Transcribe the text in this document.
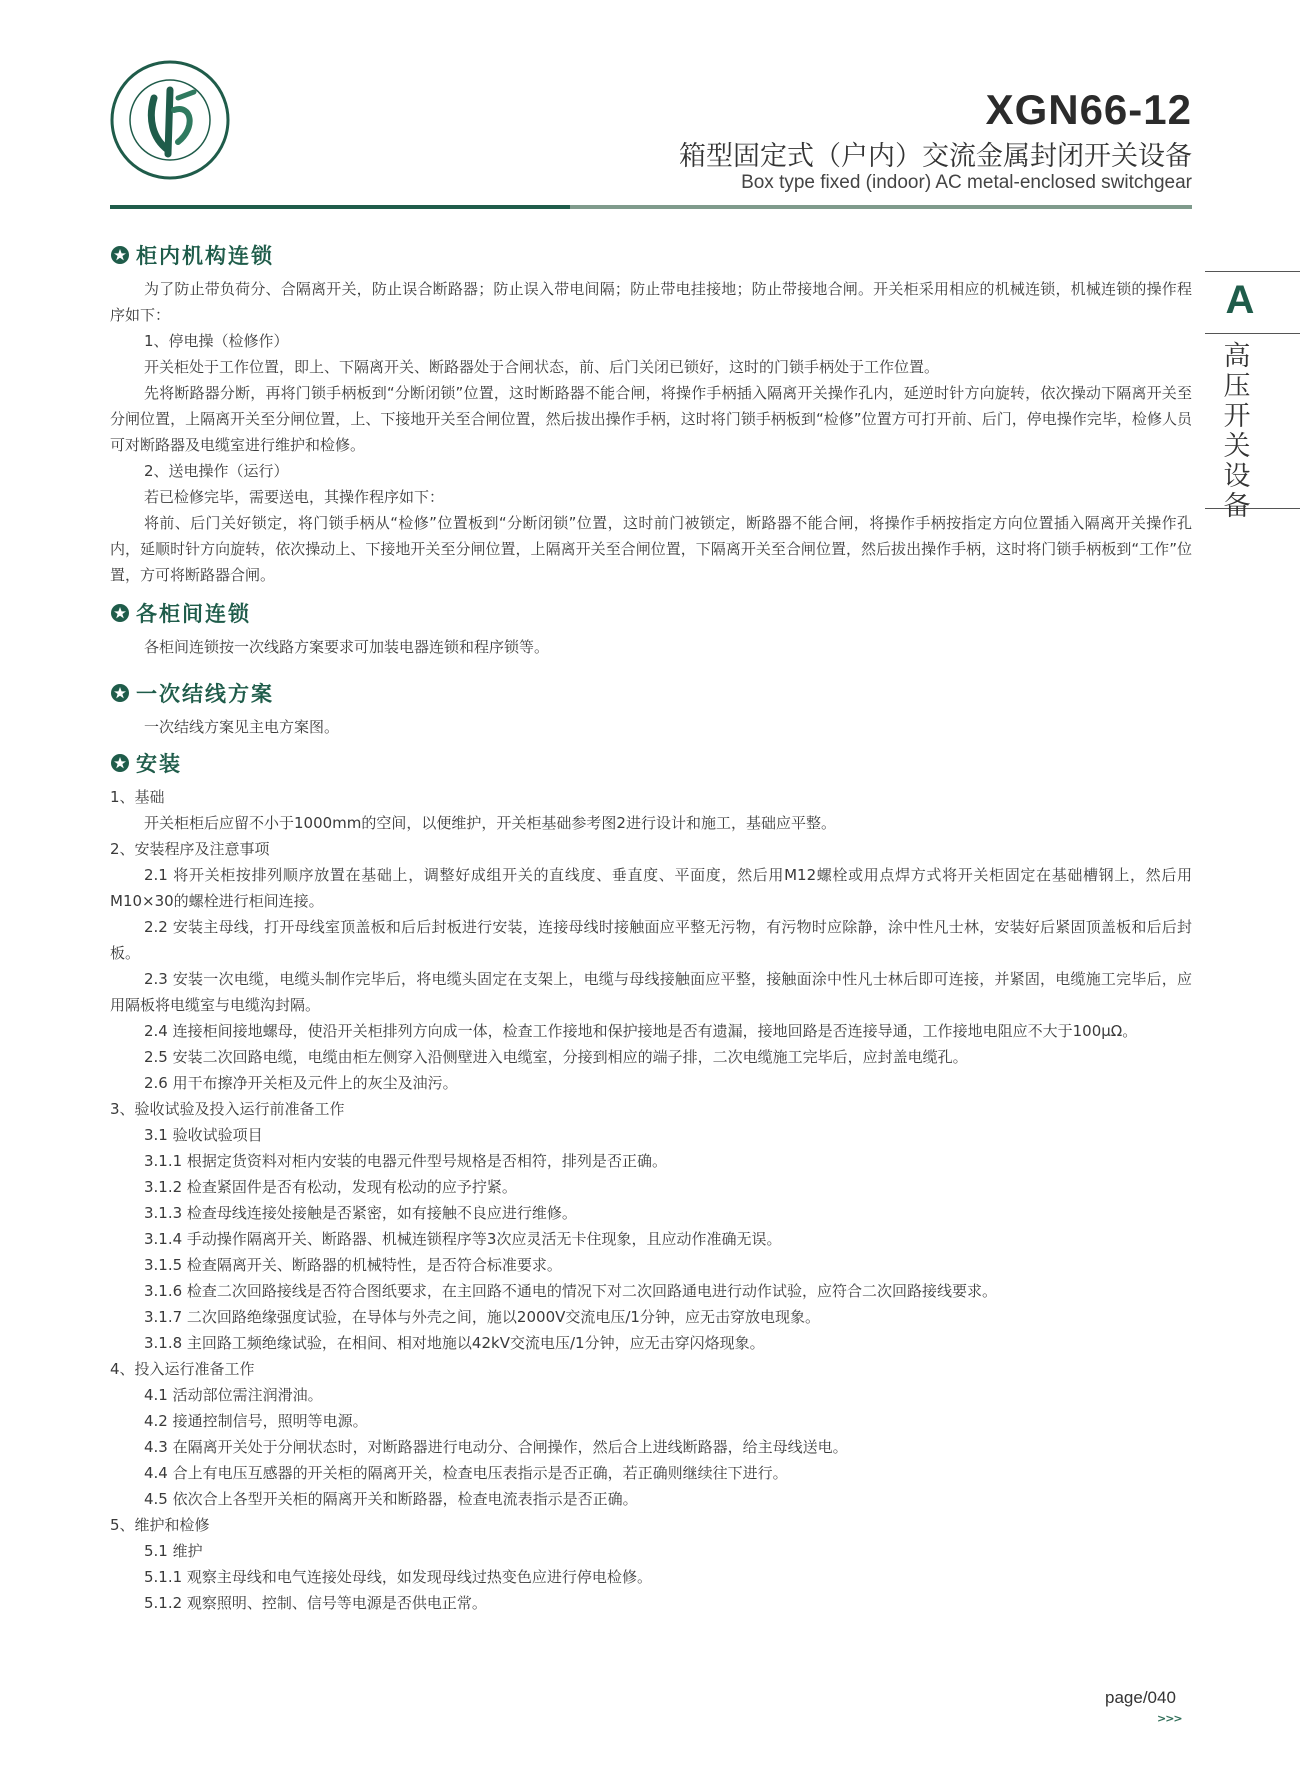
XGN66-12
箱型固定式（户内）交流金属封闭开关设备
Box type fixed (indoor) AC metal-enclosed switchgear
A
高压开关设备
柜内机构连锁

为了防止带负荷分、合隔离开关，防止误合断路器；防止误入带电间隔；防止带电挂接地；防止带接地合闸。开关柜采用相应的机械连锁，机械连锁的操作程序如下：

1、停电操（检修作）

开关柜处于工作位置，即上、下隔离开关、断路器处于合闸状态，前、后门关闭已锁好，这时的门锁手柄处于工作位置。

先将断路器分断，再将门锁手柄板到“分断闭锁”位置，这时断路器不能合闸，将操作手柄插入隔离开关操作孔内，延逆时针方向旋转，依次操动下隔离开关至分闸位置，上隔离开关至分闸位置，上、下接地开关至合闸位置，然后拔出操作手柄，这时将门锁手柄板到“检修”位置方可打开前、后门，停电操作完毕，检修人员可对断路器及电缆室进行维护和检修。

2、送电操作（运行）

若已检修完毕，需要送电，其操作程序如下：

将前、后门关好锁定，将门锁手柄从“检修”位置板到“分断闭锁”位置，这时前门被锁定，断路器不能合闸，将操作手柄按指定方向位置插入隔离开关操作孔内，延顺时针方向旋转，依次操动上、下接地开关至分闸位置，上隔离开关至合闸位置，下隔离开关至合闸位置，然后拔出操作手柄，这时将门锁手柄板到“工作”位置，方可将断路器合闸。

各柜间连锁

各柜间连锁按一次线路方案要求可加装电器连锁和程序锁等。

一次结线方案

一次结线方案见主电方案图。

安装

1、基础

开关柜柜后应留不小于1000mm的空间，以便维护，开关柜基础参考图2进行设计和施工，基础应平整。

2、安装程序及注意事项

2.1 将开关柜按排列顺序放置在基础上，调整好成组开关的直线度、垂直度、平面度，然后用M12螺栓或用点焊方式将开关柜固定在基础槽钢上，然后用M10×30的螺栓进行柜间连接。

2.2 安装主母线，打开母线室顶盖板和后后封板进行安装，连接母线时接触面应平整无污物，有污物时应除静，涂中性凡士林，安装好后紧固顶盖板和后后封板。

2.3 安装一次电缆，电缆头制作完毕后，将电缆头固定在支架上，电缆与母线接触面应平整，接触面涂中性凡士林后即可连接，并紧固，电缆施工完毕后，应用隔板将电缆室与电缆沟封隔。

2.4 连接柜间接地螺母，使沿开关柜排列方向成一体，检查工作接地和保护接地是否有遗漏，接地回路是否连接导通，工作接地电阻应不大于100μΩ。

2.5 安装二次回路电缆，电缆由柜左侧穿入沿侧壁进入电缆室，分接到相应的端子排，二次电缆施工完毕后，应封盖电缆孔。

2.6 用干布擦净开关柜及元件上的灰尘及油污。

3、验收试验及投入运行前准备工作

3.1 验收试验项目

3.1.1 根据定货资料对柜内安装的电器元件型号规格是否相符，排列是否正确。

3.1.2 检查紧固件是否有松动，发现有松动的应予拧紧。

3.1.3 检查母线连接处接触是否紧密，如有接触不良应进行维修。

3.1.4 手动操作隔离开关、断路器、机械连锁程序等3次应灵活无卡住现象，且应动作准确无误。

3.1.5 检查隔离开关、断路器的机械特性，是否符合标准要求。

3.1.6 检查二次回路接线是否符合图纸要求，在主回路不通电的情况下对二次回路通电进行动作试验，应符合二次回路接线要求。

3.1.7 二次回路绝缘强度试验，在导体与外壳之间，施以2000V交流电压/1分钟，应无击穿放电现象。

3.1.8 主回路工频绝缘试验，在相间、相对地施以42kV交流电压/1分钟，应无击穿闪烙现象。

4、投入运行准备工作

4.1 活动部位需注润滑油。

4.2 接通控制信号，照明等电源。

4.3 在隔离开关处于分闸状态时，对断路器进行电动分、合闸操作，然后合上进线断路器，给主母线送电。

4.4 合上有电压互感器的开关柜的隔离开关，检查电压表指示是否正确，若正确则继续往下进行。

4.5 依次合上各型开关柜的隔离开关和断路器，检查电流表指示是否正确。

5、维护和检修

5.1 维护

5.1.1 观察主母线和电气连接处母线，如发现母线过热变色应进行停电检修。

5.1.2 观察照明、控制、信号等电源是否供电正常。

page/040
>>>
